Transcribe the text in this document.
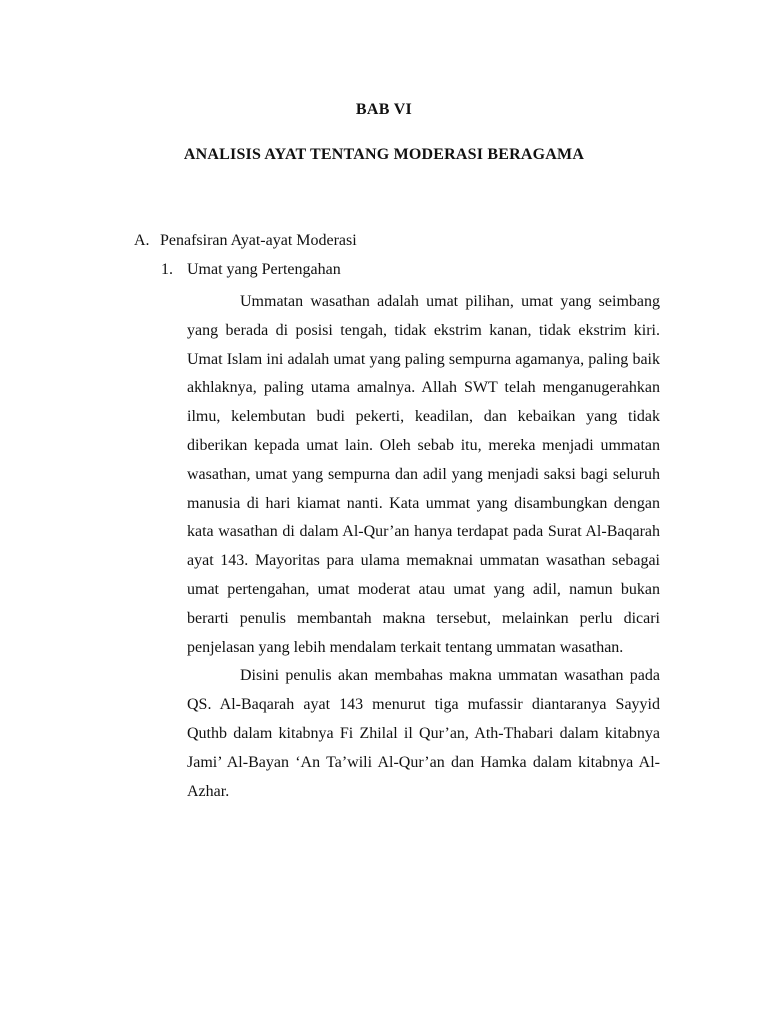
BAB VI
ANALISIS AYAT TENTANG MODERASI BERAGAMA
A. Penafsiran Ayat-ayat Moderasi
1. Umat yang Pertengahan

Ummatan wasathan adalah umat pilihan, umat yang seimbang yang berada di posisi tengah, tidak ekstrim kanan, tidak ekstrim kiri. Umat Islam ini adalah umat yang paling sempurna agamanya, paling baik akhlaknya, paling utama amalnya. Allah SWT telah menganugerahkan ilmu, kelembutan budi pekerti, keadilan, dan kebaikan yang tidak diberikan kepada umat lain. Oleh sebab itu, mereka menjadi ummatan wasathan, umat yang sempurna dan adil yang menjadi saksi bagi seluruh manusia di hari kiamat nanti. Kata ummat yang disambungkan dengan kata wasathan di dalam Al-Qur’an hanya terdapat pada Surat Al-Baqarah ayat 143. Mayoritas para ulama memaknai ummatan wasathan sebagai umat pertengahan, umat moderat atau umat yang adil, namun bukan berarti penulis membantah makna tersebut, melainkan perlu dicari penjelasan yang lebih mendalam terkait tentang ummatan wasathan.

Disini penulis akan membahas makna ummatan wasathan pada QS. Al-Baqarah ayat 143 menurut tiga mufassir diantaranya Sayyid Quthb dalam kitabnya Fi Zhilal il Qur’an, Ath-Thabari dalam kitabnya Jami’ Al-Bayan ‘An Ta’wili Al-Qur’an dan Hamka dalam kitabnya Al-Azhar.
